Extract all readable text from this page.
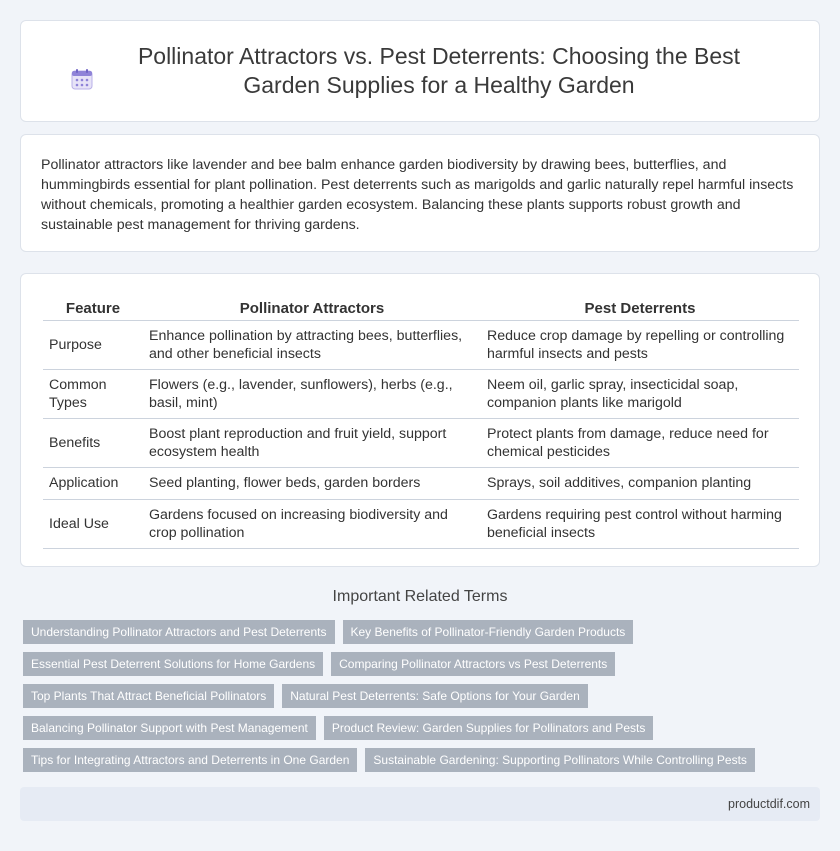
Pollinator Attractors vs. Pest Deterrents: Choosing the Best Garden Supplies for a Healthy Garden

Pollinator attractors like lavender and bee balm enhance garden biodiversity by drawing bees, butterflies, and hummingbirds essential for plant pollination. Pest deterrents such as marigolds and garlic naturally repel harmful insects without chemicals, promoting a healthier garden ecosystem. Balancing these plants supports robust growth and sustainable pest management for thriving gardens.

Feature	Pollinator Attractors	Pest Deterrents
Purpose	Enhance pollination by attracting bees, butterflies, and other beneficial insects	Reduce crop damage by repelling or controlling harmful insects and pests
Common Types	Flowers (e.g., lavender, sunflowers), herbs (e.g., basil, mint)	Neem oil, garlic spray, insecticidal soap, companion plants like marigold
Benefits	Boost plant reproduction and fruit yield, support ecosystem health	Protect plants from damage, reduce need for chemical pesticides
Application	Seed planting, flower beds, garden borders	Sprays, soil additives, companion planting
Ideal Use	Gardens focused on increasing biodiversity and crop pollination	Gardens requiring pest control without harming beneficial insects
Important Related Terms
Understanding Pollinator Attractors and Pest Deterrents	Key Benefits of Pollinator-Friendly Garden Products
Essential Pest Deterrent Solutions for Home Gardens	Comparing Pollinator Attractors vs Pest Deterrents
Top Plants That Attract Beneficial Pollinators	Natural Pest Deterrents: Safe Options for Your Garden
Balancing Pollinator Support with Pest Management	Product Review: Garden Supplies for Pollinators and Pests
Tips for Integrating Attractors and Deterrents in One Garden	Sustainable Gardening: Supporting Pollinators While Controlling Pests
productdif.com
